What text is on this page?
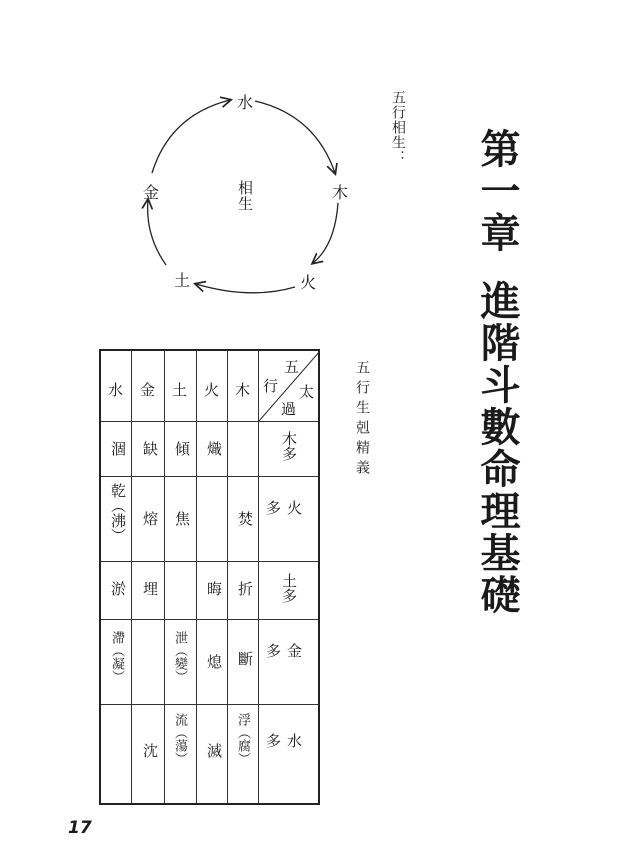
第一章
進階斗數命理基礎
五行相生：
水
木
火
土
金	相生
五行生剋精義
五
行 太
過
木
火
土
金
水
木多
熾
傾
缺
涸
火多
焚
焦
熔
乾（沸）
土多
折
晦
埋
淤
金多
斷
熄
泄（變）
滯（凝）
水多
浮（腐）
滅
流（蕩）
沈
17
